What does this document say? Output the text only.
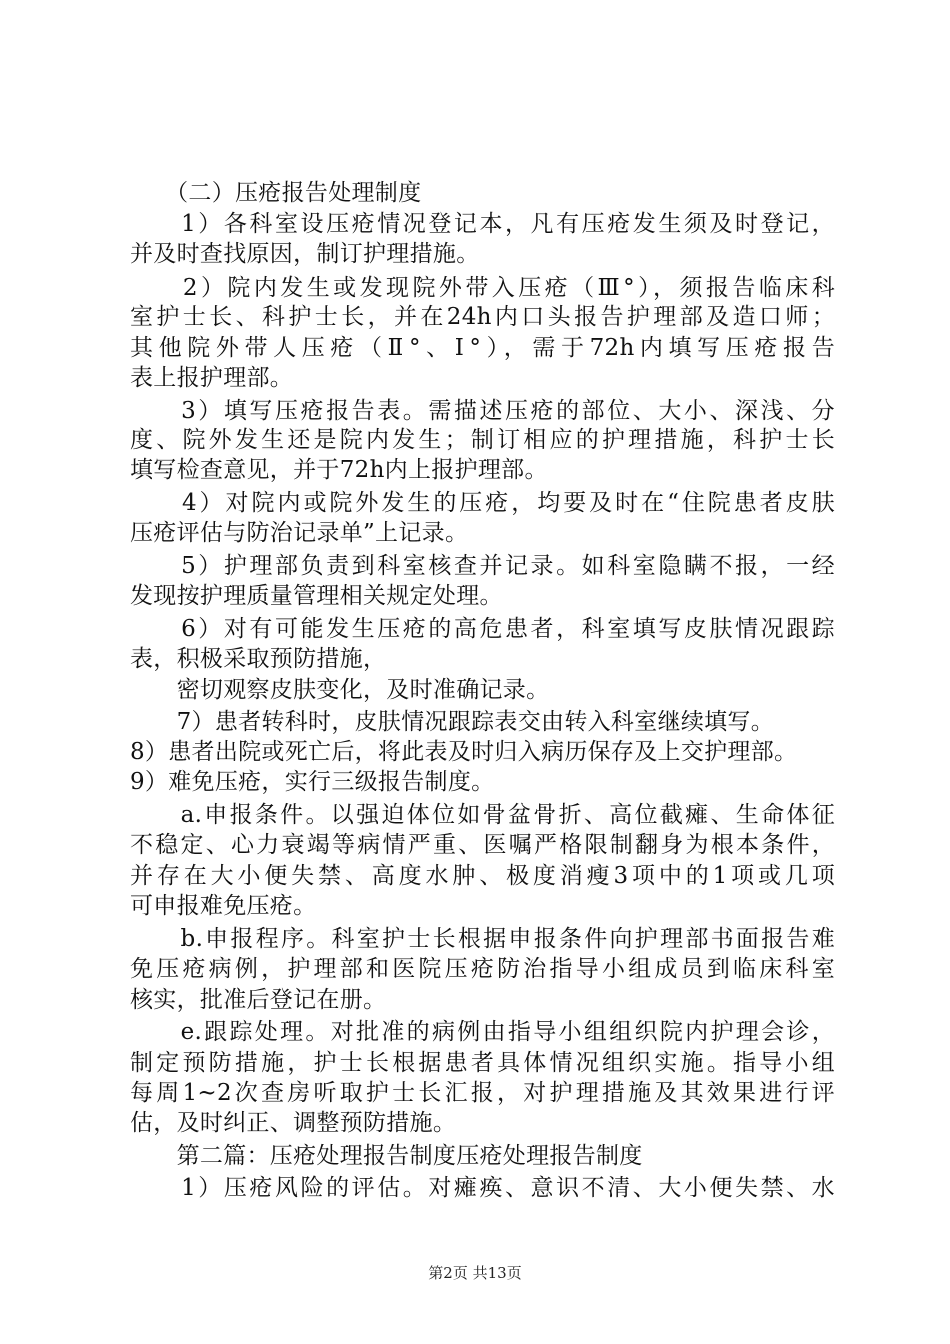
　　（二）压疮报告处理制度
　　1）各科室设压疮情况登记本，凡有压疮发生须及时登记，
并及时查找原因，制订护理措施。
　　2）院内发生或发现院外带入压疮（Ⅲ°），须报告临床科
室护士长、科护士长，并在24h内口头报告护理部及造口师；
其他院外带人压疮（Ⅱ°、Ⅰ°），需于72h内填写压疮报告
表上报护理部。
　　3）填写压疮报告表。需描述压疮的部位、大小、深浅、分
度、院外发生还是院内发生；制订相应的护理措施，科护士长
填写检查意见，并于72h内上报护理部。
　　4）对院内或院外发生的压疮，均要及时在“住院患者皮肤
压疮评估与防治记录单”上记录。
　　5）护理部负责到科室核查并记录。如科室隐瞒不报，一经
发现按护理质量管理相关规定处理。
　　6）对有可能发生压疮的高危患者，科室填写皮肤情况跟踪
表，积极采取预防措施，
　　密切观察皮肤变化，及时准确记录。
　　7）患者转科时，皮肤情况跟踪表交由转入科室继续填写。
8）患者出院或死亡后，将此表及时归入病历保存及上交护理部。
9）难免压疮，实行三级报告制度。
　　a.申报条件。以强迫体位如骨盆骨折、高位截瘫、生命体征
不稳定、心力衰竭等病情严重、医嘱严格限制翻身为根本条件，
并存在大小便失禁、高度水肿、极度消瘦3项中的1项或几项
可申报难免压疮。
　　b.申报程序。科室护士长根据申报条件向护理部书面报告难
免压疮病例，护理部和医院压疮防治指导小组成员到临床科室
核实，批准后登记在册。
　　e.跟踪处理。对批准的病例由指导小组组织院内护理会诊，
制定预防措施，护士长根据患者具体情况组织实施。指导小组
每周1~2次查房听取护士长汇报，对护理措施及其效果进行评
估，及时纠正、调整预防措施。
　　第二篇：压疮处理报告制度压疮处理报告制度
　　1）压疮风险的评估。对瘫痪、意识不清、大小便失禁、水
第2页 共13页
